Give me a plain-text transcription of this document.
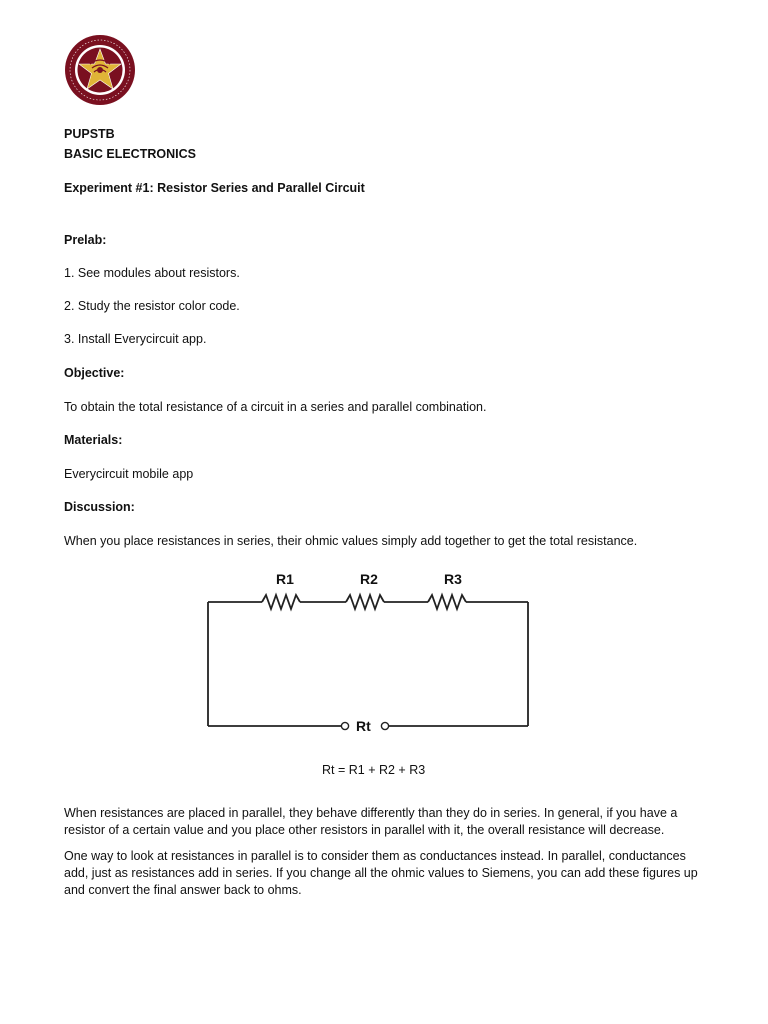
PUPSTB
BASIC ELECTRONICS
Experiment #1: Resistor Series and Parallel Circuit
Prelab:
1. See modules about resistors.
2. Study the resistor color code.
3. Install Everycircuit app.
Objective:
To obtain the total resistance of a circuit in a series and parallel combination.
Materials:
Everycircuit mobile app
Discussion:
When you place resistances in series, their ohmic values simply add together to get the total resistance.
R1	R2	R3
Rt
Rt = R1 + R2 + R3
When resistances are placed in parallel, they behave differently than they do in series. In general, if you have a resistor of a certain value and you place other resistors in parallel with it, the overall resistance will decrease.
One way to look at resistances in parallel is to consider them as conductances instead. In parallel, conductances add, just as resistances add in series. If you change all the ohmic values to Siemens, you can add these figures up and convert the final answer back to ohms.
